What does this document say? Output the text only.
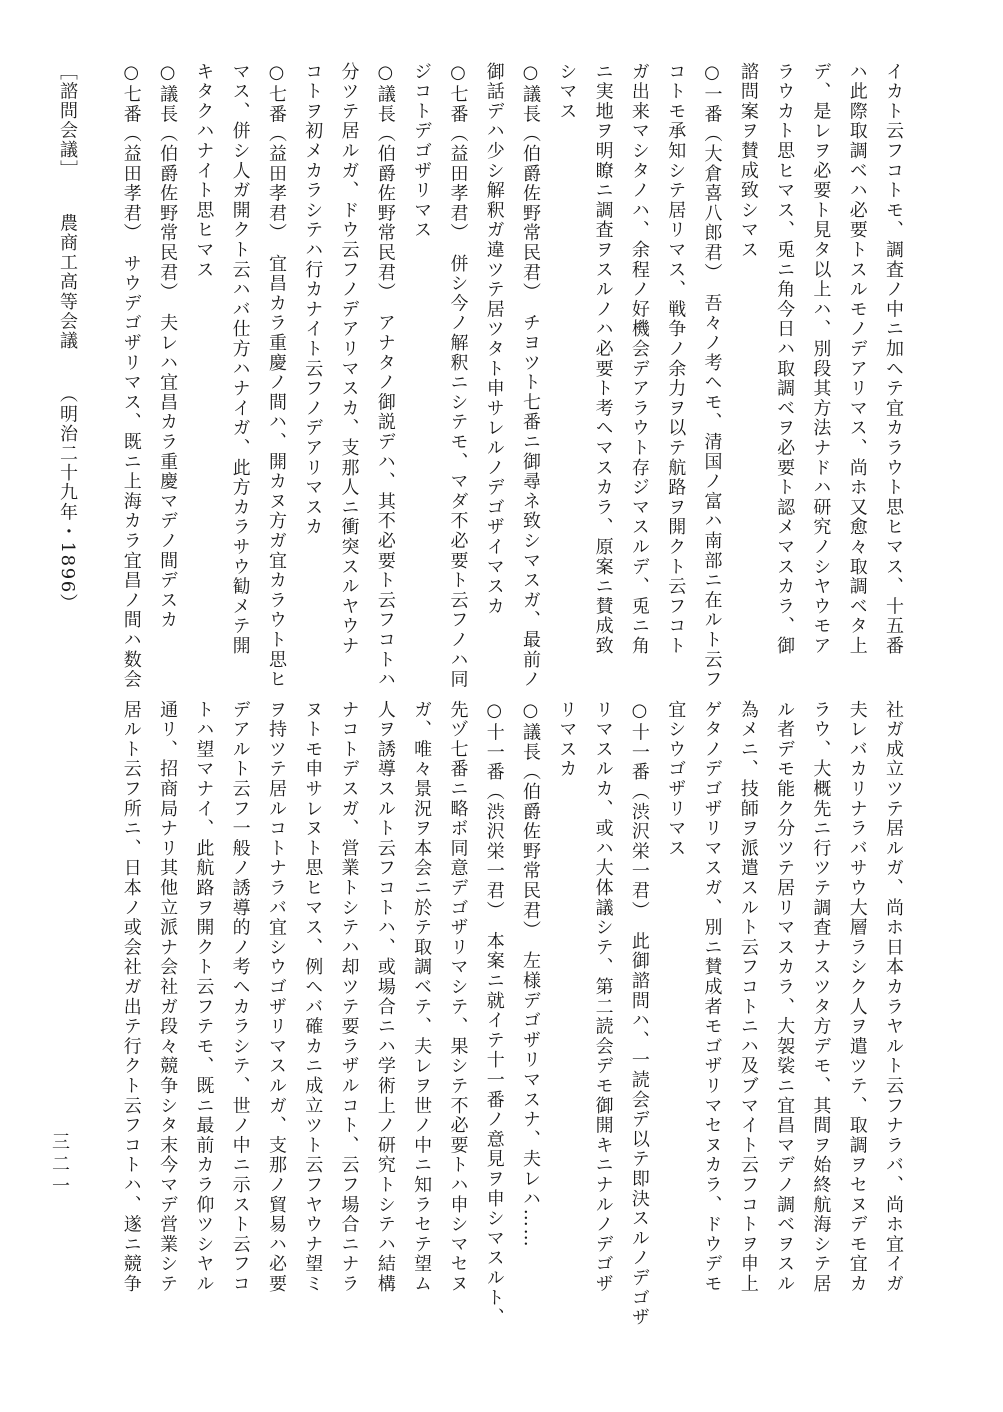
イカト云フコトモ、調査ノ中ニ加ヘテ宜カラウト思ヒマス、十五番
ハ此際取調ベハ必要トスルモノデアリマス、尚ホ又愈々取調ベタ上
デ、是レヲ必要ト見タ以上ハ、別段其方法ナドハ研究ノシヤウモア
ラウカト思ヒマス、兎ニ角今日ハ取調ベヲ必要ト認メマスカラ、御
諮問案ヲ賛成致シマス
○一番（大倉喜八郎君）　吾々ノ考ヘモ、清国ノ富ハ南部ニ在ルト云フ
コトモ承知シテ居リマス、戦争ノ余力ヲ以テ航路ヲ開クト云フコト
ガ出来マシタノハ、余程ノ好機会デアラウト存ジマスルデ、兎ニ角
ニ実地ヲ明瞭ニ調査ヲスルノハ必要ト考ヘマスカラ、原案ニ賛成致
シマス
○議長（伯爵佐野常民君）　チヨツト七番ニ御尋ネ致シマスガ、最前ノ
御話デハ少シ解釈ガ違ツテ居ツタト申サレルノデゴザイマスカ
○七番（益田孝君）　併シ今ノ解釈ニシテモ、マダ不必要ト云フノハ同
ジコトデゴザリマス
○議長（伯爵佐野常民君）　アナタノ御説デハ、其不必要ト云フコトハ
分ツテ居ルガ、ドウ云フノデアリマスカ、支那人ニ衝突スルヤウナ
コトヲ初メカラシテハ行カナイト云フノデアリマスカ
○七番（益田孝君）　宜昌カラ重慶ノ間ハ、開カヌ方ガ宜カラウト思ヒ
マス、併シ人ガ開クト云ハバ仕方ハナイガ、此方カラサウ勧メテ開
キタクハナイト思ヒマス
○議長（伯爵佐野常民君）　夫レハ宜昌カラ重慶マデノ間デスカ
○七番（益田孝君）　サウデゴザリマス、既ニ上海カラ宜昌ノ間ハ数会
社ガ成立ツテ居ルガ、尚ホ日本カラヤルト云フナラバ、尚ホ宜イガ
夫レバカリナラバサウ大層ラシク人ヲ遣ツテ、取調ヲセヌデモ宜カ
ラウ、大概先ニ行ツテ調査ナスツタ方デモ、其間ヲ始終航海シテ居
ル者デモ能ク分ツテ居リマスカラ、大袈裟ニ宜昌マデノ調ベヲスル
為メニ、技師ヲ派遣スルト云フコトニハ及ブマイト云フコトヲ申上
ゲタノデゴザリマスガ、別ニ賛成者モゴザリマセヌカラ、ドウデモ
宜シウゴザリマス
○十一番（渋沢栄一君）　此御諮問ハ、一読会デ以テ即決スルノデゴザ
リマスルカ、或ハ大体議シテ、第二読会デモ御開キニナルノデゴザ
リマスカ
○議長（伯爵佐野常民君）　左様デゴザリマスナ、夫レハ……
○十一番（渋沢栄一君）　本案ニ就イテ十一番ノ意見ヲ申シマスルト、
先ヅ七番ニ略ボ同意デゴザリマシテ、果シテ不必要トハ申シマセヌ
ガ、唯々景況ヲ本会ニ於テ取調ベテ、夫レヲ世ノ中ニ知ラセテ望ム
人ヲ誘導スルト云フコトハ、或場合ニハ学術上ノ研究トシテハ結構
ナコトデスガ、営業トシテハ却ツテ要ラザルコト、云フ場合ニナラ
ヌトモ申サレヌト思ヒマス、例ヘバ確カニ成立ツト云フヤウナ望ミ
ヲ持ツテ居ルコトナラバ宜シウゴザリマスルガ、支那ノ貿易ハ必要
デアルト云フ一般ノ誘導的ノ考ヘカラシテ、世ノ中ニ示スト云フコ
トハ望マナイ、此航路ヲ開クト云フテモ、既ニ最前カラ仰ツシヤル
通リ、招商局ナリ其他立派ナ会社ガ段々競争シタ末今マデ営業シテ
居ルト云フ所ニ、日本ノ或会社ガ出テ行クト云フコトハ、遂ニ競争
［諮問会議］農商工高等会議（明治二十九年・1896）
三二一
